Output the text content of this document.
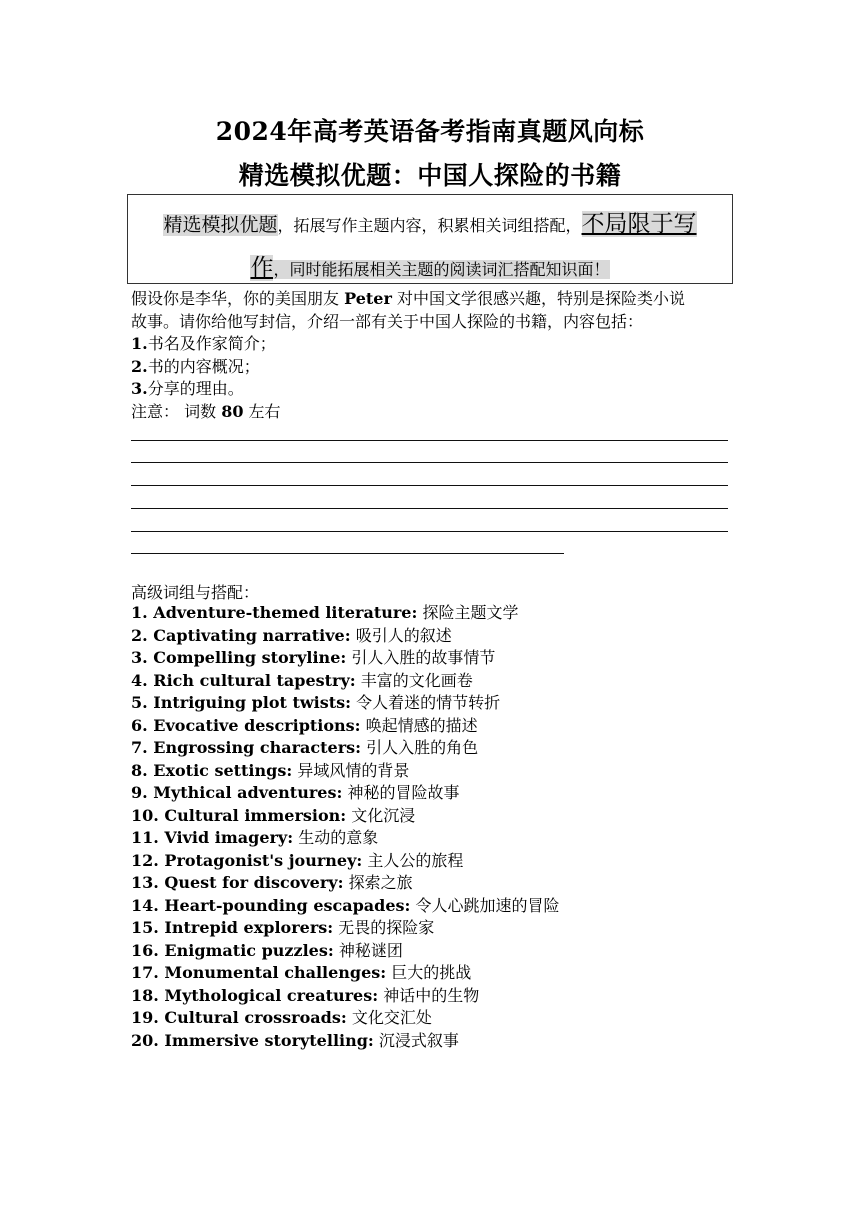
2024年高考英语备考指南真题风向标
精选模拟优题：中国人探险的书籍
精选模拟优题，拓展写作主题内容，积累相关词组搭配，不局限于写
作，同时能拓展相关主题的阅读词汇搭配知识面！
假设你是李华，你的美国朋友 Peter 对中国文学很感兴趣，特别是探险类小说
故事。请你给他写封信，介绍一部有关于中国人探险的书籍，内容包括：
1.书名及作家简介；
2.书的内容概况；
3.分享的理由。
注意： 词数 80 左右
高级词组与搭配：
1. Adventure-themed literature: 探险主题文学
2. Captivating narrative: 吸引人的叙述
3. Compelling storyline: 引人入胜的故事情节
4. Rich cultural tapestry: 丰富的文化画卷
5. Intriguing plot twists: 令人着迷的情节转折
6. Evocative descriptions: 唤起情感的描述
7. Engrossing characters: 引人入胜的角色
8. Exotic settings: 异域风情的背景
9. Mythical adventures: 神秘的冒险故事
10. Cultural immersion: 文化沉浸
11. Vivid imagery: 生动的意象
12. Protagonist's journey: 主人公的旅程
13. Quest for discovery: 探索之旅
14. Heart-pounding escapades: 令人心跳加速的冒险
15. Intrepid explorers: 无畏的探险家
16. Enigmatic puzzles: 神秘谜团
17. Monumental challenges: 巨大的挑战
18. Mythological creatures: 神话中的生物
19. Cultural crossroads: 文化交汇处
20. Immersive storytelling: 沉浸式叙事
